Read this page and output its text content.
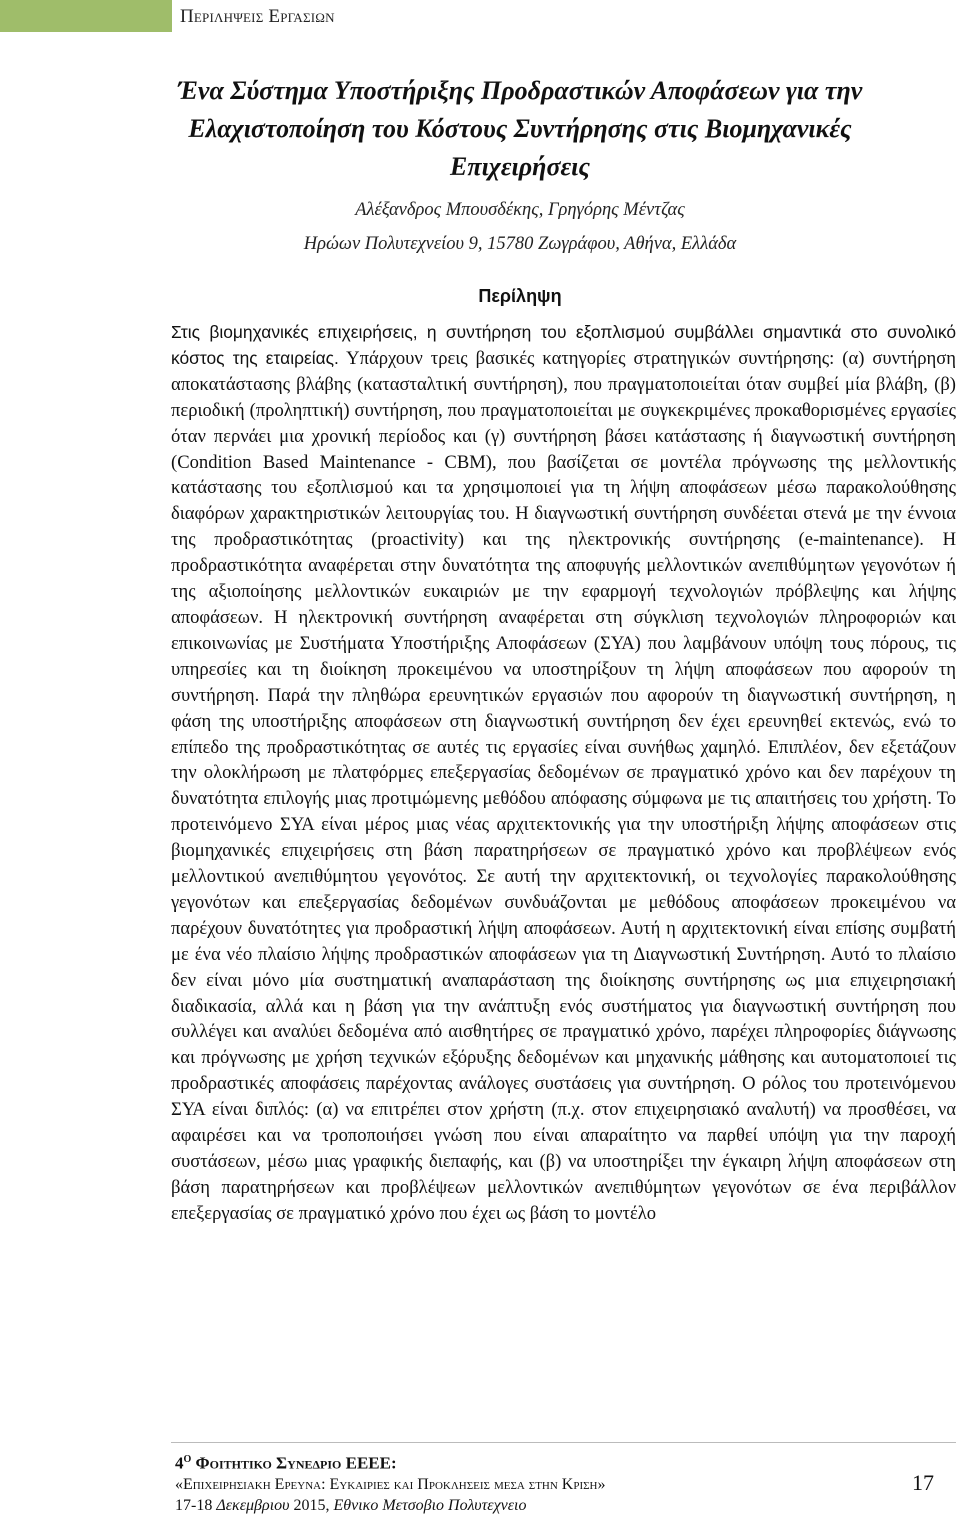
Περιληψεις Εργασιων
Ένα Σύστημα Υποστήριξης Προδραστικών Αποφάσεων για την Ελαχιστοποίηση του Κόστους Συντήρησης στις Βιομηχανικές Επιχειρήσεις

Αλέξανδρος Μπουσδέκης, Γρηγόρης Μέντζας

Ηρώων Πολυτεχνείου 9, 15780 Ζωγράφου, Αθήνα, Ελλάδα

Περίληψη

Στις βιομηχανικές επιχειρήσεις, η συντήρηση του εξοπλισμού συμβάλλει σημαντικά στο συνολικό κόστος της εταιρείας. Υπάρχουν τρεις βασικές κατηγορίες στρατηγικών συντήρησης: (α) συντήρηση αποκατάστασης βλάβης (κατασταλτική συντήρηση), που πραγματοποιείται όταν συμβεί μία βλάβη, (β) περιοδική (προληπτική) συντήρηση, που πραγματοποιείται με συγκεκριμένες προκαθορισμένες εργασίες όταν περνάει μια χρονική περίοδος και (γ) συντήρηση βάσει κατάστασης ή διαγνωστική συντήρηση (Condition Based Maintenance - CBM), που βασίζεται σε μοντέλα πρόγνωσης της μελλοντικής κατάστασης του εξοπλισμού και τα χρησιμοποιεί για τη λήψη αποφάσεων μέσω παρακολούθησης διαφόρων χαρακτηριστικών λειτουργίας του. Η διαγνωστική συντήρηση συνδέεται στενά με την έννοια της προδραστικότητας (proactivity) και της ηλεκτρονικής συντήρησης (e-maintenance). Η προδραστικότητα αναφέρεται στην δυνατότητα της αποφυγής μελλοντικών ανεπιθύμητων γεγονότων ή της αξιοποίησης μελλοντικών ευκαιριών με την εφαρμογή τεχνολογιών πρόβλεψης και λήψης αποφάσεων. Η ηλεκτρονική συντήρηση αναφέρεται στη σύγκλιση τεχνολογιών πληροφοριών και επικοινωνίας με Συστήματα Υποστήριξης Αποφάσεων (ΣΥΑ) που λαμβάνουν υπόψη τους πόρους, τις υπηρεσίες και τη διοίκηση προκειμένου να υποστηρίξουν τη λήψη αποφάσεων που αφορούν τη συντήρηση. Παρά την πληθώρα ερευνητικών εργασιών που αφορούν τη διαγνωστική συντήρηση, η φάση της υποστήριξης αποφάσεων στη διαγνωστική συντήρηση δεν έχει ερευνηθεί εκτενώς, ενώ το επίπεδο της προδραστικότητας σε αυτές τις εργασίες είναι συνήθως χαμηλό. Επιπλέον, δεν εξετάζουν την ολοκλήρωση με πλατφόρμες επεξεργασίας δεδομένων σε πραγματικό χρόνο και δεν παρέχουν τη δυνατότητα επιλογής μιας προτιμώμενης μεθόδου απόφασης σύμφωνα με τις απαιτήσεις του χρήστη. Το προτεινόμενο ΣΥΑ είναι μέρος μιας νέας αρχιτεκτονικής για την υποστήριξη λήψης αποφάσεων στις βιομηχανικές επιχειρήσεις στη βάση παρατηρήσεων σε πραγματικό χρόνο και προβλέψεων ενός μελλοντικού ανεπιθύμητου γεγονότος. Σε αυτή την αρχιτεκτονική, οι τεχνολογίες παρακολούθησης γεγονότων και επεξεργασίας δεδομένων συνδυάζονται με μεθόδους αποφάσεων προκειμένου να παρέχουν δυνατότητες για προδραστική λήψη αποφάσεων. Αυτή η αρχιτεκτονική είναι επίσης συμβατή με ένα νέο πλαίσιο λήψης προδραστικών αποφάσεων για τη Διαγνωστική Συντήρηση. Αυτό το πλαίσιο δεν είναι μόνο μία συστηματική αναπαράσταση της διοίκησης συντήρησης ως μια επιχειρησιακή διαδικασία, αλλά και η βάση για την ανάπτυξη ενός συστήματος για διαγνωστική συντήρηση που συλλέγει και αναλύει δεδομένα από αισθητήρες σε πραγματικό χρόνο, παρέχει πληροφορίες διάγνωσης και πρόγνωσης με χρήση τεχνικών εξόρυξης δεδομένων και μηχανικής μάθησης και αυτοματοποιεί τις προδραστικές αποφάσεις παρέχοντας ανάλογες συστάσεις για συντήρηση. Ο ρόλος του προτεινόμενου ΣΥΑ είναι διπλός: (α) να επιτρέπει στον χρήστη (π.χ. στον επιχειρησιακό αναλυτή) να προσθέσει, να αφαιρέσει και να τροποποιήσει γνώση που είναι απαραίτητο να παρθεί υπόψη για την παροχή συστάσεων, μέσω μιας γραφικής διεπαφής, και (β) να υποστηρίξει την έγκαιρη λήψη αποφάσεων στη βάση παρατηρήσεων και προβλέψεων μελλοντικών ανεπιθύμητων γεγονότων σε ένα περιβάλλον επεξεργασίας σε πραγματικό χρόνο που έχει ως βάση το μοντέλο

$4^o$ Φοιτητικο Συνεδριο ΕΕΕΕ:
«Επιχειρησιακη Ερευνα: Ευκαιριες και Προκλησεις μεσα στην Κριση»
17-18 Δεκεμβριου 2015, Εθνικο Μετσοβιο Πολυτεχνειο
17
